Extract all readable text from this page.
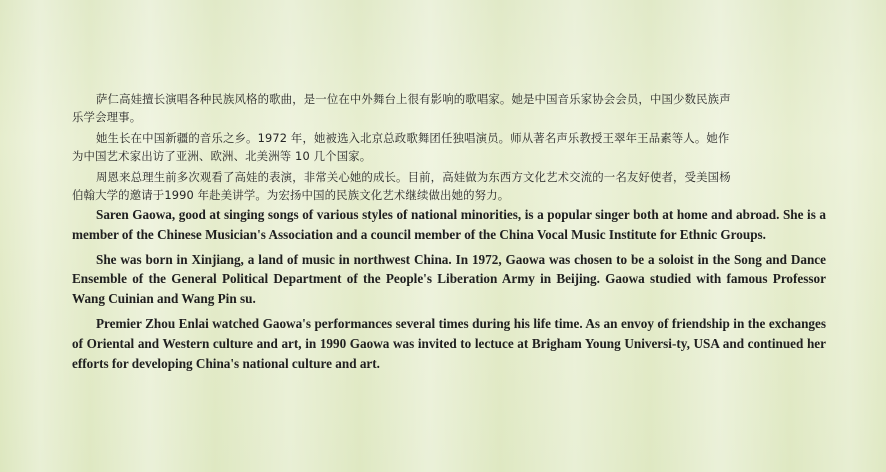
萨仁高娃擅长演唱各种民族风格的歌曲，是一位在中外舞台上很有影响的歌唱家。她是中国音乐家协会会员，中国少数民族声
乐学会理事。

她生长在中国新疆的音乐之乡。1972 年，她被选入北京总政歌舞团任独唱演员。师从著名声乐教授王翠年王品素等人。她作
为中国艺术家出访了亚洲、欧洲、北美洲等 10 几个国家。

周恩来总理生前多次观看了高娃的表演，非常关心她的成长。目前，高娃做为东西方文化艺术交流的一名友好使者，受美国杨
伯翰大学的邀请于1990 年赴美讲学。为宏扬中国的民族文化艺术继续做出她的努力。

Saren Gaowa, good at singing songs of various styles of national minorities, is a popular singer both at home and abroad. She is a member of the Chinese Musician's Association and a council member of the China Vocal Music Institute for Ethnic Groups.

She was born in Xinjiang, a land of music in northwest China. In 1972, Gaowa was chosen to be a soloist in the Song and Dance Ensemble of the General Political Department of the People's Liberation Army in Beijing. Gaowa studied with famous Professor Wang Cuinian and Wang Pin su.

Premier Zhou Enlai watched Gaowa's performances several times during his life time. As an envoy of friendship in the exchanges of Oriental and Western culture and art, in 1990 Gaowa was invited to lectuce at Brigham Young Universi-ty, USA and continued her efforts for developing China's national culture and art.
